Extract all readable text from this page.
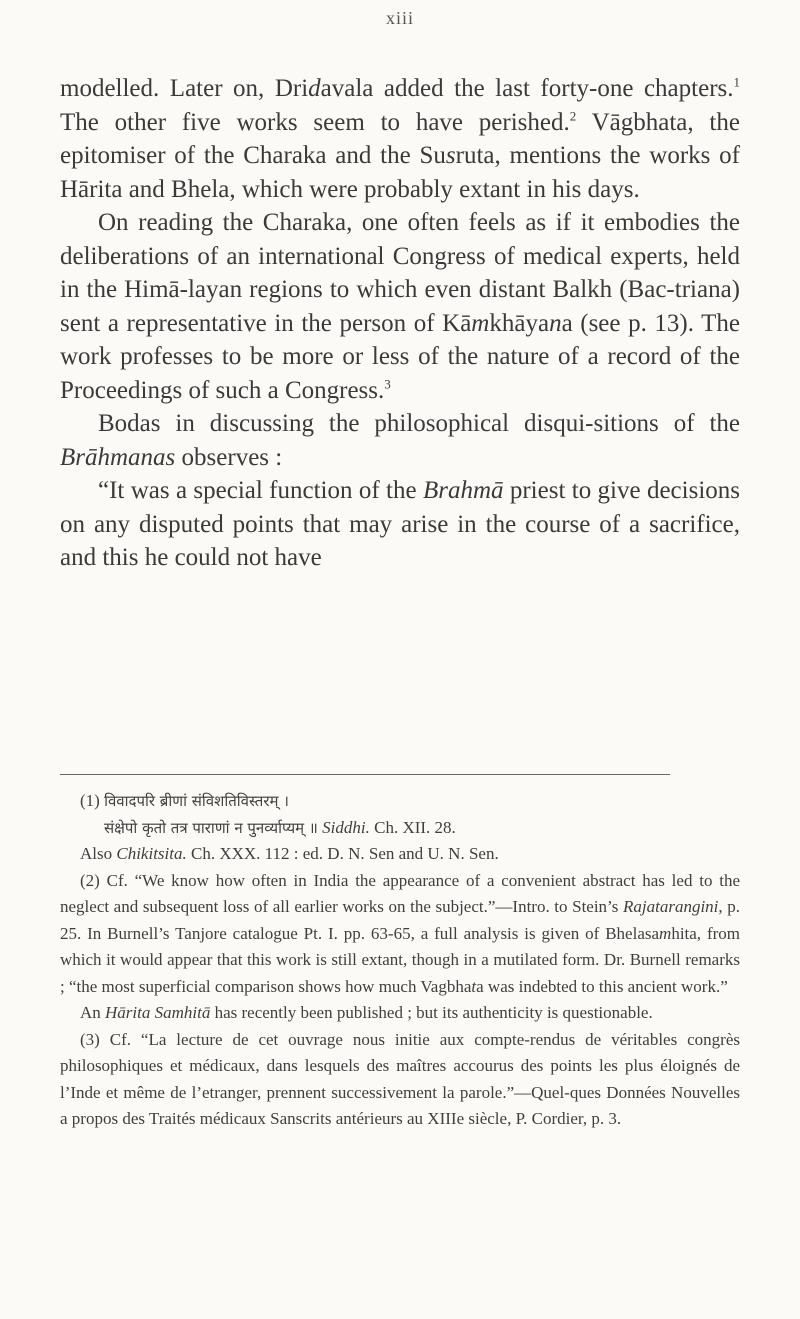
xiii

modelled. Later on, Dridavala added the last forty-one chapters.$^1$ The other five works seem to have perished.$^2$ Vāgbhata, the epitomiser of the Charaka and the Susruta, mentions the works of Hārita and Bhela, which were probably extant in his days.

On reading the Charaka, one often feels as if it embodies the deliberations of an international Congress of medical experts, held in the Himā-layan regions to which even distant Balkh (Bac-triana) sent a representative in the person of Kāmkhāyana (see p. 13). The work professes to be more or less of the nature of a record of the Proceedings of such a Congress.$^3$

Bodas in discussing the philosophical disqui-sitions of the Brāhmanas observes :

“It was a special function of the Brahmā priest to give decisions on any disputed points that may arise in the course of a sacrifice, and this he could not have

(1) विवादपरि ब्रीणां संविशतिविस्तरम् ।

संक्षेपो कृतो तत्र पाराणां न पुनर्व्याप्यम् ॥ Siddhi. Ch. XII. 28.

Also Chikitsita. Ch. XXX. 112 : ed. D. N. Sen and U. N. Sen.

(2) Cf. “We know how often in India the appearance of a convenient abstract has led to the neglect and subsequent loss of all earlier works on the subject.”—Intro. to Stein’s Rajatarangini, p. 25. In Burnell’s Tanjore catalogue Pt. I. pp. 63-65, a full analysis is given of Bhelasamhita, from which it would appear that this work is still extant, though in a mutilated form. Dr. Burnell remarks ; “the most superficial comparison shows how much Vagbhata was indebted to this ancient work.”

An Hārita Samhitā has recently been published ; but its authenticity is questionable.

(3) Cf. “La lecture de cet ouvrage nous initie aux compte-rendus de véritables congrès philosophiques et médicaux, dans lesquels des maîtres accourus des points les plus éloignés de l’Inde et même de l’etranger, prennent successivement la parole.”—Quel-ques Données Nouvelles a propos des Traités médicaux Sanscrits antérieurs au XIIIe siècle, P. Cordier, p. 3.
